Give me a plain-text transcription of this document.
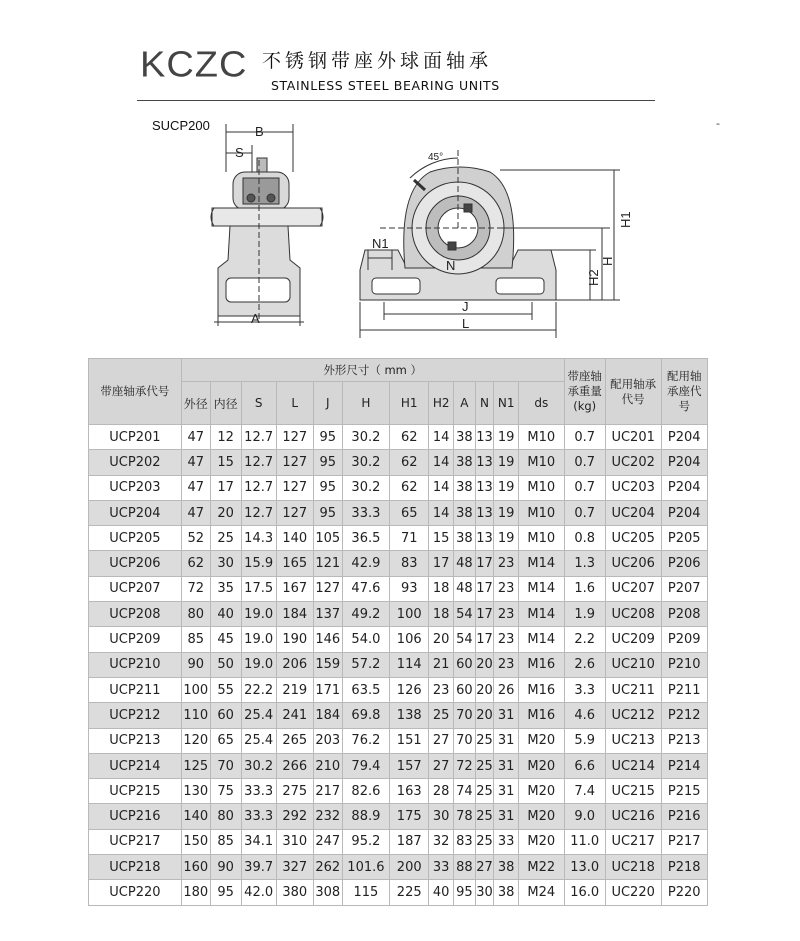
KCZC 不锈钢带座外球面轴承
STAINLESS STEEL BEARING UNITS
SUCP200	-
B
S
A
45°
N1
N
J
L
H1
H
H2
带座轴承代号	外形尺寸（ mm ）												带座轴承重量(kg)	配用轴承代号	配用轴承座代号
	外径	内径	S	L	J	H	H1	H2	A	N	N1	ds			
UCP201	47	12	12.7	127	95	30.2	62	14	38	13	19	M10	0.7	UC201	P204
UCP202	47	15	12.7	127	95	30.2	62	14	38	13	19	M10	0.7	UC202	P204
UCP203	47	17	12.7	127	95	30.2	62	14	38	13	19	M10	0.7	UC203	P204
UCP204	47	20	12.7	127	95	33.3	65	14	38	13	19	M10	0.7	UC204	P204
UCP205	52	25	14.3	140	105	36.5	71	15	38	13	19	M10	0.8	UC205	P205
UCP206	62	30	15.9	165	121	42.9	83	17	48	17	23	M14	1.3	UC206	P206
UCP207	72	35	17.5	167	127	47.6	93	18	48	17	23	M14	1.6	UC207	P207
UCP208	80	40	19.0	184	137	49.2	100	18	54	17	23	M14	1.9	UC208	P208
UCP209	85	45	19.0	190	146	54.0	106	20	54	17	23	M14	2.2	UC209	P209
UCP210	90	50	19.0	206	159	57.2	114	21	60	20	23	M16	2.6	UC210	P210
UCP211	100	55	22.2	219	171	63.5	126	23	60	20	26	M16	3.3	UC211	P211
UCP212	110	60	25.4	241	184	69.8	138	25	70	20	31	M16	4.6	UC212	P212
UCP213	120	65	25.4	265	203	76.2	151	27	70	25	31	M20	5.9	UC213	P213
UCP214	125	70	30.2	266	210	79.4	157	27	72	25	31	M20	6.6	UC214	P214
UCP215	130	75	33.3	275	217	82.6	163	28	74	25	31	M20	7.4	UC215	P215
UCP216	140	80	33.3	292	232	88.9	175	30	78	25	31	M20	9.0	UC216	P216
UCP217	150	85	34.1	310	247	95.2	187	32	83	25	33	M20	11.0	UC217	P217
UCP218	160	90	39.7	327	262	101.6	200	33	88	27	38	M22	13.0	UC218	P218
UCP220	180	95	42.0	380	308	115	225	40	95	30	38	M24	16.0	UC220	P220
